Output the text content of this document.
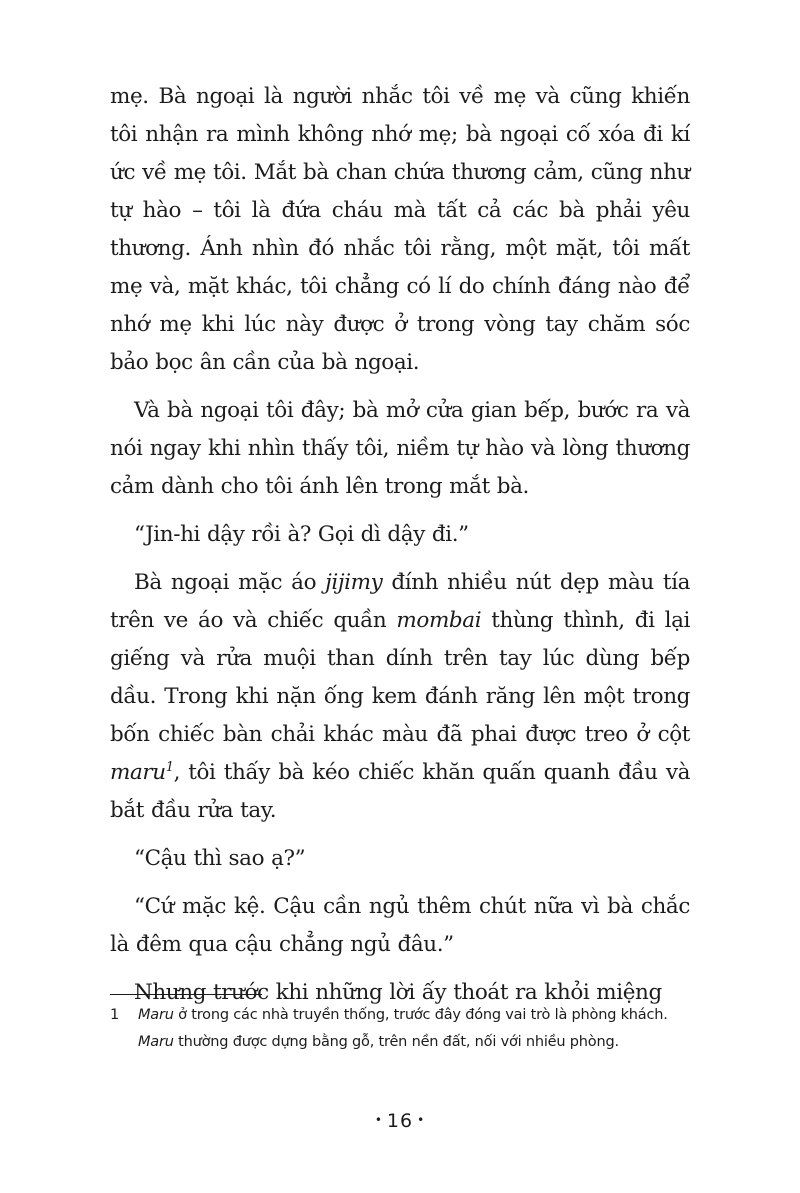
mẹ. Bà ngoại là người nhắc tôi về mẹ và cũng khiến tôi nhận ra mình không nhớ mẹ; bà ngoại cố xóa đi kí ức về mẹ tôi. Mắt bà chan chứa thương cảm, cũng như tự hào – tôi là đứa cháu mà tất cả các bà phải yêu thương. Ánh nhìn đó nhắc tôi rằng, một mặt, tôi mất mẹ và, mặt khác, tôi chẳng có lí do chính đáng nào để nhớ mẹ khi lúc này được ở trong vòng tay chăm sóc bảo bọc ân cần của bà ngoại.

Và bà ngoại tôi đây; bà mở cửa gian bếp, bước ra và nói ngay khi nhìn thấy tôi, niềm tự hào và lòng thương cảm dành cho tôi ánh lên trong mắt bà.

“Jin-hi dậy rồi à? Gọi dì dậy đi.”

Bà ngoại mặc áo jijimy đính nhiều nút dẹp màu tía trên ve áo và chiếc quần mombai thùng thình, đi lại giếng và rửa muội than dính trên tay lúc dùng bếp dầu. Trong khi nặn ống kem đánh răng lên một trong bốn chiếc bàn chải khác màu đã phai được treo ở cột maru$^1$, tôi thấy bà kéo chiếc khăn quấn quanh đầu và bắt đầu rửa tay.

“Cậu thì sao ạ?”

“Cứ mặc kệ. Cậu cần ngủ thêm chút nữa vì bà chắc là đêm qua cậu chẳng ngủ đâu.”

Nhưng trước khi những lời ấy thoát ra khỏi miệng

1 Maru ở trong các nhà truyền thống, trước đây đóng vai trò là phòng khách.
Maru thường được dựng bằng gỗ, trên nền đất, nối với nhiều phòng.
• 16 •
